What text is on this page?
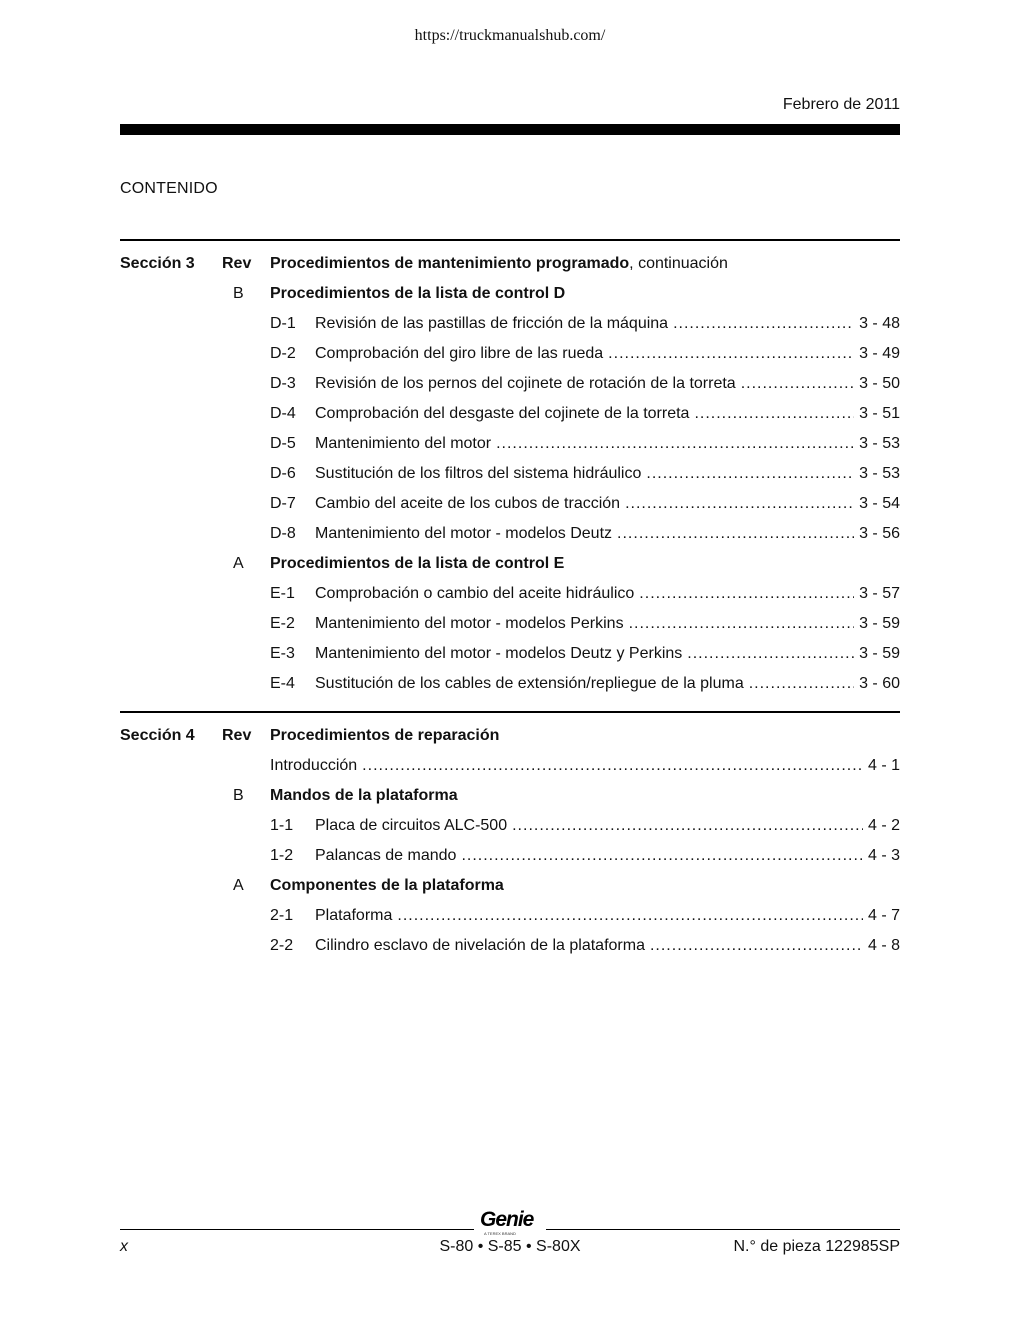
https://truckmanualshub.com/
Febrero de 2011
CONTENIDO
Sección 3 Rev Procedimientos de mantenimiento programado, continuación
B Procedimientos de la lista de control D
D-1 Revisión de las pastillas de fricción de la máquina .....	3 - 48
D-2 Comprobación del giro libre de las rueda .....	3 - 49
D-3 Revisión de los pernos del cojinete de rotación de la torreta .....	3 - 50
D-4 Comprobación del desgaste del cojinete de la torreta .....	3 - 51
D-5 Mantenimiento del motor .....	3 - 53
D-6 Sustitución de los filtros del sistema hidráulico .....	3 - 53
D-7 Cambio del aceite de los cubos de tracción .....	3 - 54
D-8 Mantenimiento del motor - modelos Deutz .....	3 - 56
A Procedimientos de la lista de control E
E-1 Comprobación o cambio del aceite hidráulico .....	3 - 57
E-2 Mantenimiento del motor - modelos Perkins .....	3 - 59
E-3 Mantenimiento del motor - modelos Deutz y Perkins .....	3 - 59
E-4 Sustitución de los cables de extensión/repliegue de la pluma .....	3 - 60
Sección 4 Rev Procedimientos de reparación
Introducción .....	4 - 1
B Mandos de la plataforma
1-1 Placa de circuitos ALC-500 .....	4 - 2
1-2 Palancas de mando .....	4 - 3
A Componentes de la plataforma
2-1 Plataforma .....	4 - 7
2-2 Cilindro esclavo de nivelación de la plataforma .....	4 - 8
Genie
A TEREX BRAND
x	S-80 • S-85 • S-80X	N.° de pieza 122985SP
